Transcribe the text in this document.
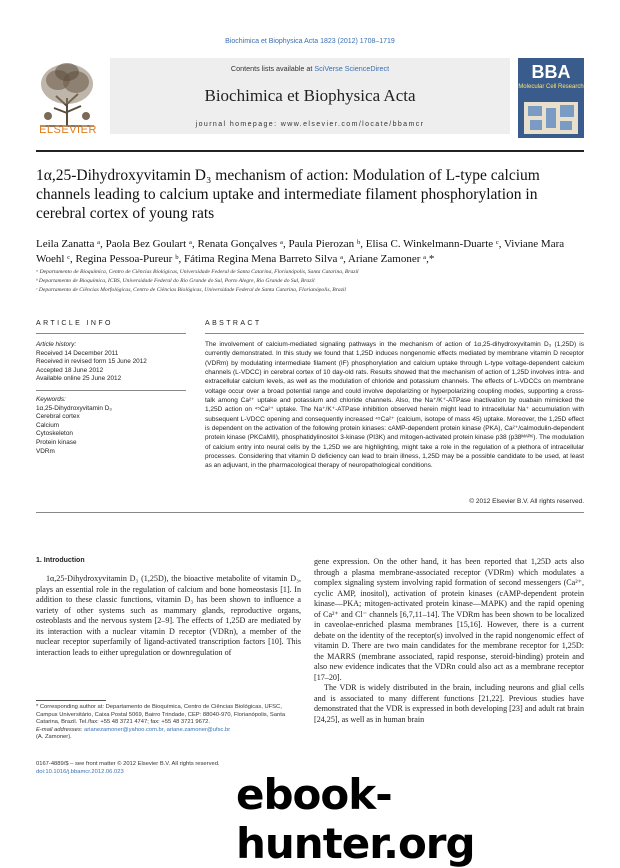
Biochimica et Biophysica Acta 1823 (2012) 1708–1719
ELSEVIER
Contents lists available at SciVerse ScienceDirect
Biochimica et Biophysica Acta
journal homepage: www.elsevier.com/locate/bbamcr
BBA
Molecular Cell Research
1α,25-Dihydroxyvitamin D₃ mechanism of action: Modulation of L-type calcium channels leading to calcium uptake and intermediate filament phosphorylation in cerebral cortex of young rats
Leila Zanatta ᵃ, Paola Bez Goulart ᵃ, Renata Gonçalves ᵃ, Paula Pierozan ᵇ, Elisa C. Winkelmann-Duarte ᶜ, Viviane Mara Woehl ᶜ, Regina Pessoa-Pureur ᵇ, Fátima Regina Mena Barreto Silva ᵃ, Ariane Zamoner ᵃ,*
ᵃ Departamento de Bioquímica, Centro de Ciências Biológicas, Universidade Federal de Santa Catarina, Florianópolis, Santa Catarina, Brazil
ᵇ Departamento de Bioquímica, ICBS, Universidade Federal do Rio Grande do Sul, Porto Alegre, Rio Grande do Sul, Brazil
ᶜ Departamento de Ciências Morfológicas, Centro de Ciências Biológicas, Universidade Federal de Santa Catarina, Florianópolis, Brazil
ARTICLE INFO	ABSTRACT
Article history:
Received 14 December 2011
Received in revised form 15 June 2012
Accepted 18 June 2012
Available online 25 June 2012
Keywords:
1α,25-Dihydroxyvitamin D₃
Cerebral cortex
Calcium
Cytoskeleton
Protein kinase
VDRm
The involvement of calcium-mediated signaling pathways in the mechanism of action of 1α,25-dihydroxyvitamin D₃ (1,25D) is currently demonstrated. In this study we found that 1,25D induces nongenomic effects mediated by membrane vitamin D receptor (VDRm) by modulating intermediate filament (IF) phosphorylation and calcium uptake through L-type voltage-dependent calcium channels (L-VDCC) in cerebral cortex of 10 day-old rats. Results showed that the mechanism of action of 1,25D involves intra- and extracellular calcium levels, as well as the modulation of chloride and potassium channels. The effects of L-VDCCs on membrane voltage occur over a broad potential range and could involve depolarizing or hyperpolarizing coupling modes, supporting a cross-talk among Ca²⁺ uptake and potassium and chloride channels. Also, the Na⁺/K⁺-ATPase inactivation by ouabain mimicked the 1,25D action on ⁴⁵Ca²⁺ uptake. The Na⁺/K⁺-ATPase inhibition observed herein might lead to intracellular Na⁺ accumulation with subsequent L-VDCC opening and consequently increased ⁴⁵Ca²⁺ (calcium, isotope of mass 45) uptake. Moreover, the 1,25D effect is dependent on the activation of the following protein kinases: cAMP-dependent protein kinase (PKA), Ca²⁺/calmodulin-dependent protein kinase (PKCaMII), phosphatidylinositol 3-kinase (PI3K) and mitogen-activated protein kinase p38 (p38ᴹᴬᴾᴷ). The modulation of calcium entry into neural cells by the 1,25D we are highlighting, might take a role in the regulation of a plethora of intracellular processes. Considering that vitamin D deficiency can lead to brain illness, 1,25D may be a possible candidate to be used, at least as an adjuvant, in the pharmacological therapy of neuropathological conditions.
© 2012 Elsevier B.V. All rights reserved.
1. Introduction

1α,25-Dihydroxyvitamin D₃ (1,25D), the bioactive metabolite of vitamin D₃, plays an essential role in the regulation of calcium and bone homeostasis [1]. In addition to these classic functions, vitamin D₃ has been shown to influence a variety of other systems such as mammary glands, reproductive organs, osteoblasts and the nervous system [2–9]. The effects of 1,25D are mediated by its interaction with a nuclear vitamin D receptor (VDRn), a member of the nuclear receptor superfamily of ligand-activated transcription factors [10]. This interaction leads to either upregulation or downregulation of

* Corresponding author at: Departamento de Bioquímica, Centro de Ciências Biológicas, UFSC, Campus Universitário, Caixa Postal 5069, Bairro Trindade, CEP: 88040-970, Florianópolis, Santa Catarina, Brazil. Tel./fax: +55 48 3721 4747; fax: +55 48 3721 9672.
E-mail addresses: arianezamoner@yahoo.com.br, ariane.zamoner@ufsc.br
(A. Zamoner).
0167-4889/$ – see front matter © 2012 Elsevier B.V. All rights reserved.
doi:10.1016/j.bbamcr.2012.06.023

gene expression. On the other hand, it has been reported that 1,25D acts also through a plasma membrane-associated receptor (VDRm) which modulates a complex signaling system involving rapid formation of second messengers (Ca²⁺, cyclic AMP, inositol), activation of protein kinases (cAMP-dependent protein kinase—PKA; mitogen-activated protein kinase—MAPK) and the rapid opening of Ca²⁺ and Cl⁻ channels [6,7,11–14]. The VDRm has been shown to be localized in caveolae-enriched plasma membranes [15,16]. However, there is a current debate on the identity of the receptor(s) involved in the rapid nongenomic effect of vitamin D. There are two main candidates for the membrane receptor for 1,25D: the MARRS (membrane associated, rapid response, steroid-binding) protein and also new evidence indicates that the VDRn could also act as a membrane receptor [17–20].

The VDR is widely distributed in the brain, including neurons and glial cells and is associated to many different functions [21,22]. Previous studies have demonstrated that the VDR is expressed in both developing [23] and adult rat brain [24,25], as well as in human brain

ebook-hunter.org
